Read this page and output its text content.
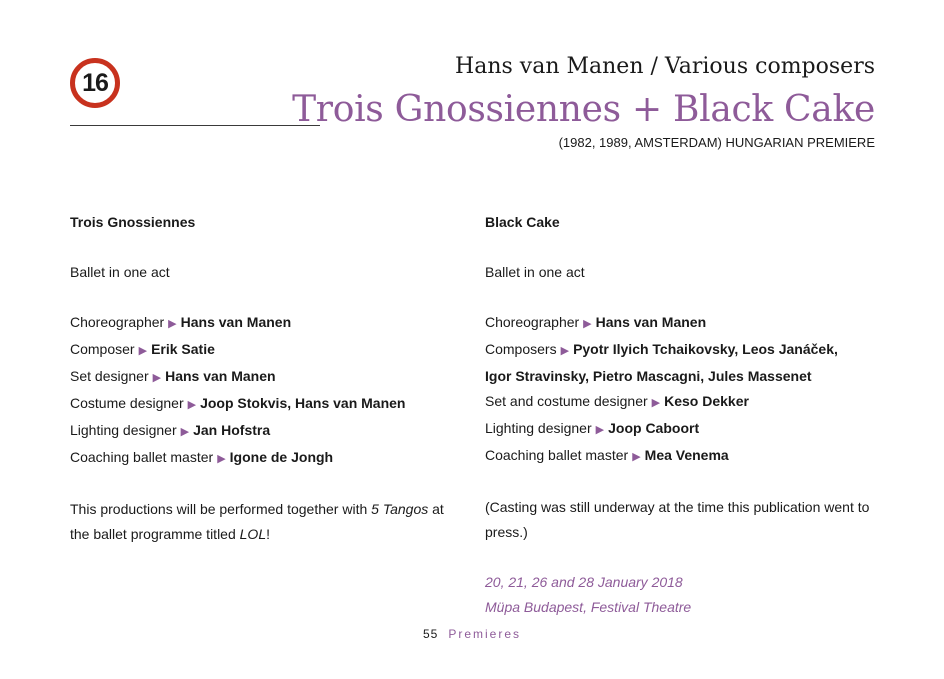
16
Hans van Manen / Various composers
Trois Gnossiennes + Black Cake
(1982, 1989, AMSTERDAM) HUNGARIAN PREMIERE
Trois Gnossiennes
Ballet in one act
Choreographer ▶ Hans van Manen
Composer ▶ Erik Satie
Set designer ▶ Hans van Manen
Costume designer ▶ Joop Stokvis, Hans van Manen
Lighting designer ▶ Jan Hofstra
Coaching ballet master ▶ Igone de Jongh
This productions will be performed together with 5 Tangos at the ballet programme titled LOL!
Black Cake
Ballet in one act
Choreographer ▶ Hans van Manen
Composers ▶ Pyotr Ilyich Tchaikovsky, Leos Janáček,
Igor Stravinsky, Pietro Mascagni, Jules Massenet
Set and costume designer ▶ Keso Dekker
Lighting designer ▶ Joop Caboort
Coaching ballet master ▶ Mea Venema
(Casting was still underway at the time this publication went to press.)
20, 21, 26 and 28 January 2018
Müpa Budapest, Festival Theatre
55 Premieres
